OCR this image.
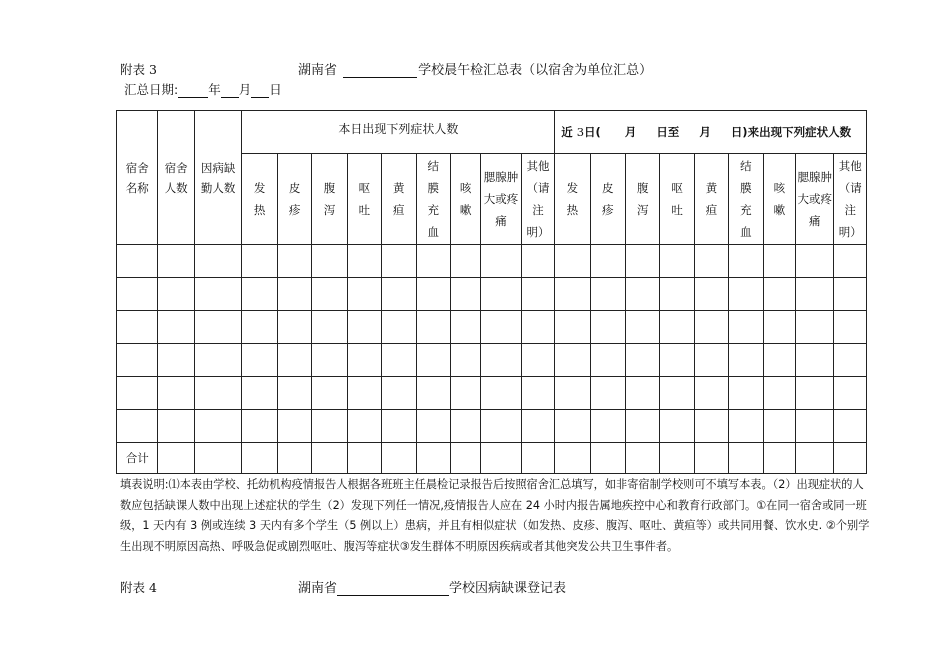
附表 3	湖南省	学校晨午检汇总表（以宿舍为单位汇总）
汇总日期: 年 月 日
宿舍名称	宿舍人数	因病缺勤人数	本日出现下列症状人数									近 3日( 月 日至 月 日)来出现下列症状人数								

			发热	皮疹	腹泻	呕吐	黄疸	结膜充血	咳嗽	腮腺肿大或疼痛	其他（请注明）	发热	皮疹	腹泻	呕吐	黄疸	结膜充血	咳嗽	腮腺肿大或疼痛	其他（请注明）

合计																				
填表说明:⑴本表由学校、托幼机构疫情报告人根据各班班主任晨检记录报告后按照宿舍汇总填写，如非寄宿制学校则可不填写本表。（2）出现症状的人数应包括缺课人数中出现上述症状的学生（2）发现下列任一情况,疫情报告人应在 24 小时内报告属地疾控中心和教育行政部门。①在同一宿舍或同一班级，1 天内有 3 例或连续 3 天内有多个学生（5 例以上）患病，并且有相似症状（如发热、皮疹、腹泻、呕吐、黄疸等）或共同用餐、饮水史. ②个别学生出现不明原因高热、呼吸急促或剧烈呕吐、腹泻等症状③发生群体不明原因疾病或者其他突发公共卫生事件者。
附表 4	湖南省	学校因病缺课登记表
